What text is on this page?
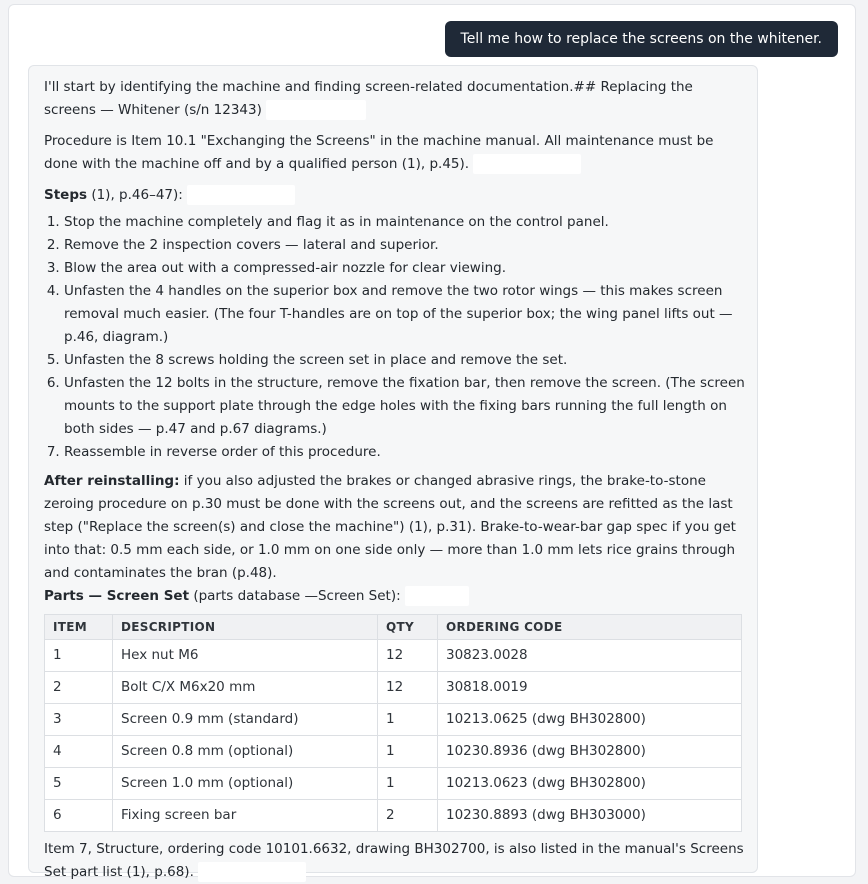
Tell me how to replace the screens on the whitener.

I'll start by identifying the machine and finding screen-related documentation.## Replacing the screens — Whitener (s/n 12343)

Procedure is Item 10.1 "Exchanging the Screens" in the machine manual. All maintenance must be done with the machine off and by a qualified person (1), p.45).

Steps (1), p.46–47):

1. Stop the machine completely and flag it as in maintenance on the control panel.
2. Remove the 2 inspection covers — lateral and superior.
3. Blow the area out with a compressed-air nozzle for clear viewing.
4. Unfasten the 4 handles on the superior box and remove the two rotor wings — this makes screen removal much easier. (The four T-handles are on top of the superior box; the wing panel lifts out — p.46, diagram.)
5. Unfasten the 8 screws holding the screen set in place and remove the set.
6. Unfasten the 12 bolts in the structure, remove the fixation bar, then remove the screen. (The screen mounts to the support plate through the edge holes with the fixing bars running the full length on both sides — p.47 and p.67 diagrams.)
7. Reassemble in reverse order of this procedure.

After reinstalling: if you also adjusted the brakes or changed abrasive rings, the brake-to-stone zeroing procedure on p.30 must be done with the screens out, and the screens are refitted as the last step ("Replace the screen(s) and close the machine") (1), p.31). Brake-to-wear-bar gap spec if you get into that: 0.5 mm each side, or 1.0 mm on one side only — more than 1.0 mm lets rice grains through and contaminates the bran (p.48).

Parts — Screen Set (parts database —Screen Set):

ITEM	DESCRIPTION	QTY	ORDERING CODE
1	Hex nut M6	12	30823.0028
2	Bolt C/X M6x20 mm	12	30818.0019
3	Screen 0.9 mm (standard)	1	10213.0625 (dwg BH302800)
4	Screen 0.8 mm (optional)	1	10230.8936 (dwg BH302800)
5	Screen 1.0 mm (optional)	1	10213.0623 (dwg BH302800)
6	Fixing screen bar	2	10230.8893 (dwg BH303000)

Item 7, Structure, ordering code 10101.6632, drawing BH302700, is also listed in the manual's Screens Set part list (1), p.68).
